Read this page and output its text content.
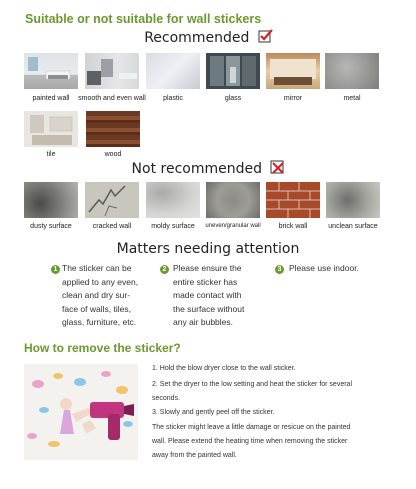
Suitable or not suitable for wall stickers
Recommended
painted wall	smooth and even wall	plastic	glass	mirror	metal
tile	wood
Not recommended
dusty surface	cracked wall	moldy surface	uneven/granular wall	brick wall	unclean surface
Matters needing attention
1 The sticker can be
applied to any even,
clean and dry sur-
face of walls, tiles,
glass, furniture, etc.
2 Please ensure the
entire sticker has
made contact with
the surface without
any air bubbles.
3 Please use indoor.
How to remove the sticker?
1. Hold the blow dryer close to the wall sticker.
2. Set the dryer to the low setting and heat the sticker for several
seconds.
3. Slowly and gently peel off the sticker.
The sticker might leave a little damage or resicue on the painted
wall. Please extend the heating time when removing the sticker
away from the painted wall.
